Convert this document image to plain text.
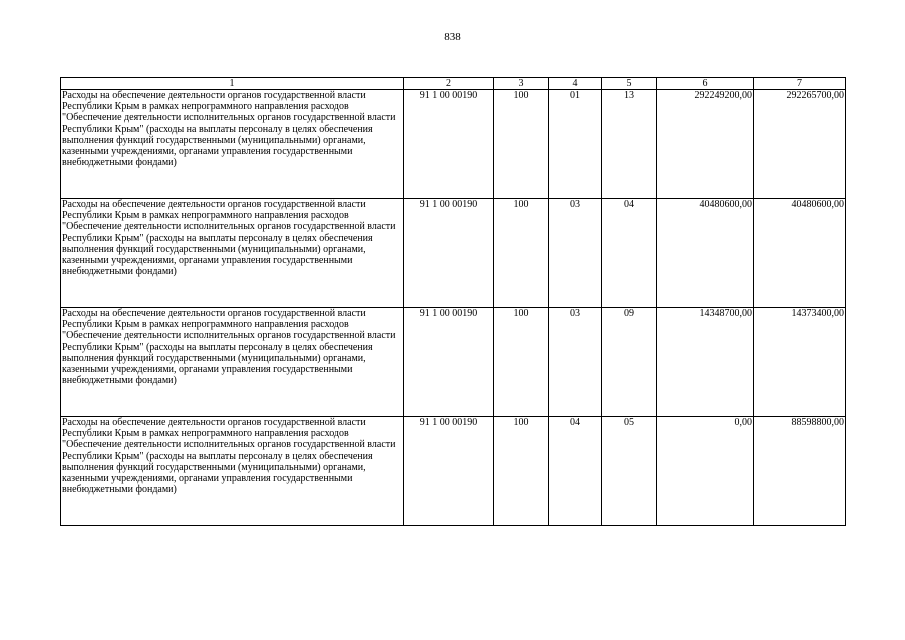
838
1	2	3	4	5	6	7
Расходы на обеспечение деятельности органов государственной власти Республики Крым в рамках непрограммного направления расходов "Обеспечение деятельности исполнительных органов государственной власти Республики Крым" (расходы на выплаты персоналу в целях обеспечения выполнения функций государственными (муниципальными) органами, казенными учреждениями, органами управления государственными внебюджетными фондами)	91 1 00 00190	100	01	13	292249200,00	292265700,00
Расходы на обеспечение деятельности органов государственной власти Республики Крым в рамках непрограммного направления расходов "Обеспечение деятельности исполнительных органов государственной власти Республики Крым" (расходы на выплаты персоналу в целях обеспечения выполнения функций государственными (муниципальными) органами, казенными учреждениями, органами управления государственными внебюджетными фондами)	91 1 00 00190	100	03	04	40480600,00	40480600,00
Расходы на обеспечение деятельности органов государственной власти Республики Крым в рамках непрограммного направления расходов "Обеспечение деятельности исполнительных органов государственной власти Республики Крым" (расходы на выплаты персоналу в целях обеспечения выполнения функций государственными (муниципальными) органами, казенными учреждениями, органами управления государственными внебюджетными фондами)	91 1 00 00190	100	03	09	14348700,00	14373400,00
Расходы на обеспечение деятельности органов государственной власти Республики Крым в рамках непрограммного направления расходов "Обеспечение деятельности исполнительных органов государственной власти Республики Крым" (расходы на выплаты персоналу в целях обеспечения выполнения функций государственными (муниципальными) органами, казенными учреждениями, органами управления государственными внебюджетными фондами)	91 1 00 00190	100	04	05	0,00	88598800,00
